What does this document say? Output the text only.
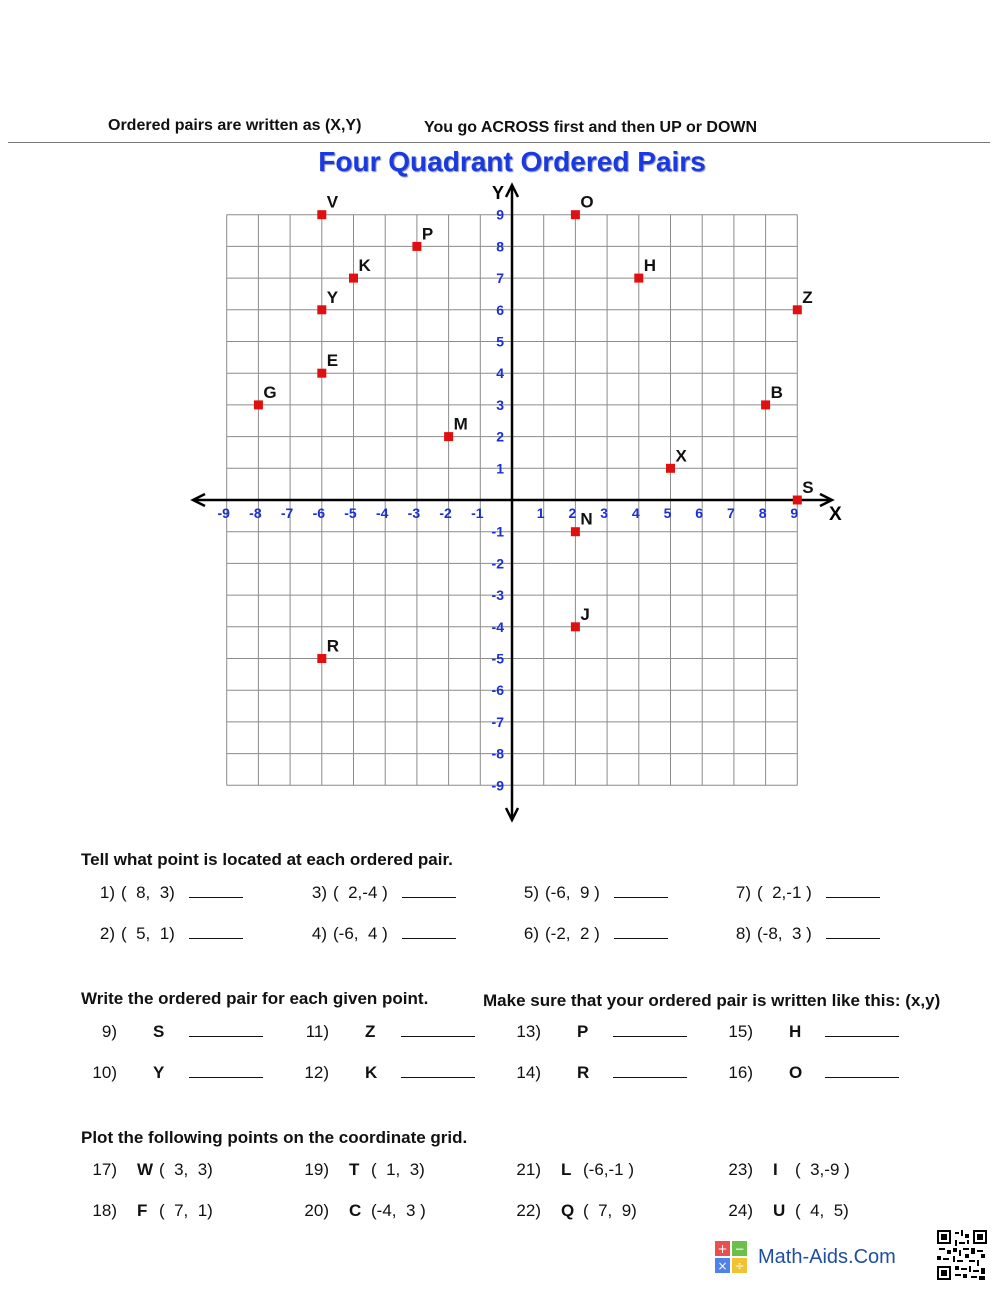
Ordered pairs are written as (X,Y)	You go ACROSS first and then UP or DOWN
Four Quadrant Ordered Pairs
-9 -8 -7 -6 -5 -4 -3 -2 -1	1 2 3 4 5 6 7 8 9
9
8
7
6
5
4
3
2
1
-1
-2
-3
-4
-5
-6
-7
-8
-9
V	O
P
K	H
Y	Z
E
G	B
M
X
S
N
J
R
X
Y
Tell what point is located at each ordered pair.
1) (  8,  3)	3) (  2,-4 )	5) (-6,  9 )	7) (  2,-1 )
2) (  5,  1)	4) (-6,  4 )	6) (-2,  2 )	8) (-8,  3 )
Write the ordered pair for each given point.	Make sure that your ordered pair is written like this: (x,y)
9) S	11) Z	13) P	15) H
10) Y	12) K	14) R	16) O
Plot the following points on the coordinate grid.
17) W (  3,  3)	19) T (  1,  3)	21) L (-6,-1 )	23) I (  3,-9 )
18) F (  7,  1)	20) C (-4,  3 )	22) Q (  7,  9)	24) U (  4,  5)
+ −
× ÷ Math-Aids.Com
